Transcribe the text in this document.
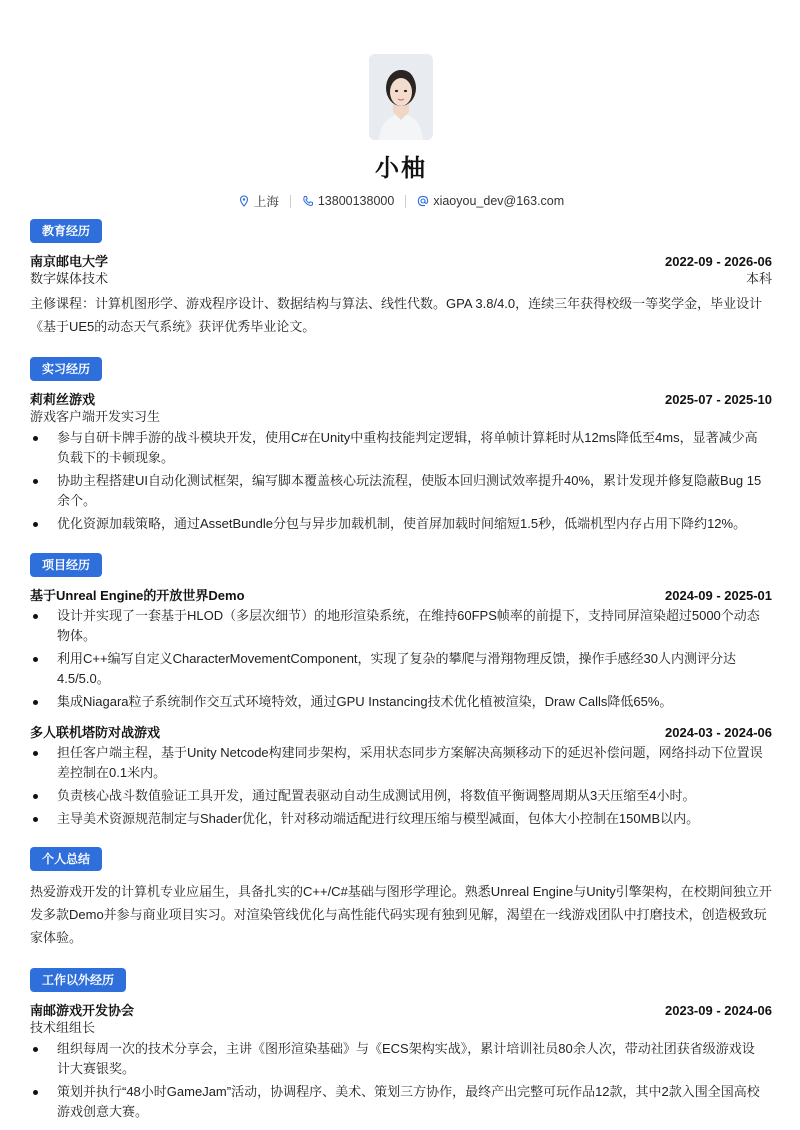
小柚
上海	13800138000	xiaoyou_dev@163.com
教育经历
南京邮电大学	2022-09 - 2026-06
数字媒体技术	本科
主修课程：计算机图形学、游戏程序设计、数据结构与算法、线性代数。GPA 3.8/4.0，连续三年获得校级一等奖学金，毕业设计《基于UE5的动态天气系统》获评优秀毕业论文。
实习经历
莉莉丝游戏	2025-07 - 2025-10
游戏客户端开发实习生
参与自研卡牌手游的战斗模块开发，使用C#在Unity中重构技能判定逻辑，将单帧计算耗时从12ms降低至4ms，显著减少高负载下的卡顿现象。
协助主程搭建UI自动化测试框架，编写脚本覆盖核心玩法流程，使版本回归测试效率提升40%，累计发现并修复隐蔽Bug 15余个。
优化资源加载策略，通过AssetBundle分包与异步加载机制，使首屏加载时间缩短1.5秒，低端机型内存占用下降约12%。
项目经历
基于Unreal Engine的开放世界Demo	2024-09 - 2025-01
设计并实现了一套基于HLOD（多层次细节）的地形渲染系统，在维持60FPS帧率的前提下，支持同屏渲染超过5000个动态物体。
利用C++编写自定义CharacterMovementComponent，实现了复杂的攀爬与滑翔物理反馈，操作手感经30人内测评分达4.5/5.0。
集成Niagara粒子系统制作交互式环境特效，通过GPU Instancing技术优化植被渲染，Draw Calls降低65%。
多人联机塔防对战游戏	2024-03 - 2024-06
担任客户端主程，基于Unity Netcode构建同步架构，采用状态同步方案解决高频移动下的延迟补偿问题，网络抖动下位置误差控制在0.1米内。
负责核心战斗数值验证工具开发，通过配置表驱动自动生成测试用例，将数值平衡调整周期从3天压缩至4小时。
主导美术资源规范制定与Shader优化，针对移动端适配进行纹理压缩与模型减面，包体大小控制在150MB以内。
个人总结
热爱游戏开发的计算机专业应届生，具备扎实的C++/C#基础与图形学理论。熟悉Unreal Engine与Unity引擎架构，在校期间独立开发多款Demo并参与商业项目实习。对渲染管线优化与高性能代码实现有独到见解，渴望在一线游戏团队中打磨技术，创造极致玩家体验。
工作以外经历
南邮游戏开发协会	2023-09 - 2024-06
技术组组长
组织每周一次的技术分享会，主讲《图形渲染基础》与《ECS架构实战》，累计培训社员80余人次，带动社团获省级游戏设计大赛银奖。
策划并执行“48小时GameJam”活动，协调程序、美术、策划三方协作，最终产出完整可玩作品12款，其中2款入围全国高校游戏创意大赛。
